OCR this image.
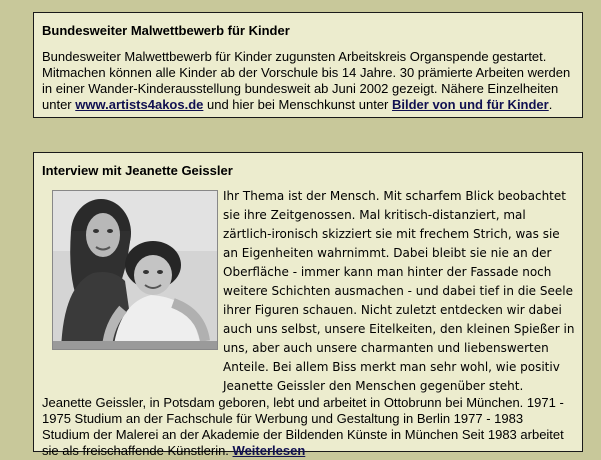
Bundesweiter Malwettbewerb für Kinder
Bundesweiter Malwettbewerb für Kinder zugunsten Arbeitskreis Organspende gestartet. Mitmachen können alle Kinder ab der Vorschule bis 14 Jahre. 30 prämierte Arbeiten werden in einer Wander-Kinderausstellung bundesweit ab Juni 2002 gezeigt. Nähere Einzelheiten unter www.artists4akos.de und hier bei Menschkunst unter Bilder von und für Kinder.
Interview mit Jeanette Geissler
Ihr Thema ist der Mensch. Mit scharfem Blick beobachtet sie ihre Zeitgenossen. Mal kritisch-distanziert, mal zärtlich-ironisch skizziert sie mit frechem Strich, was sie an Eigenheiten wahrnimmt. Dabei bleibt sie nie an der Oberfläche - immer kann man hinter der Fassade noch weitere Schichten ausmachen - und dabei tief in die Seele ihrer Figuren schauen. Nicht zuletzt entdecken wir dabei auch uns selbst, unsere Eitelkeiten, den kleinen Spießer in uns, aber auch unsere charmanten und liebenswerten Anteile. Bei allem Biss merkt man sehr wohl, wie positiv Jeanette Geissler den Menschen gegenüber steht.
Jeanette Geissler, in Potsdam geboren, lebt und arbeitet in Ottobrunn bei München. 1971 - 1975 Studium an der Fachschule für Werbung und Gestaltung in Berlin 1977 - 1983 Studium der Malerei an der Akademie der Bildenden Künste in München Seit 1983 arbeitet sie als freischaffende Künstlerin. Weiterlesen
